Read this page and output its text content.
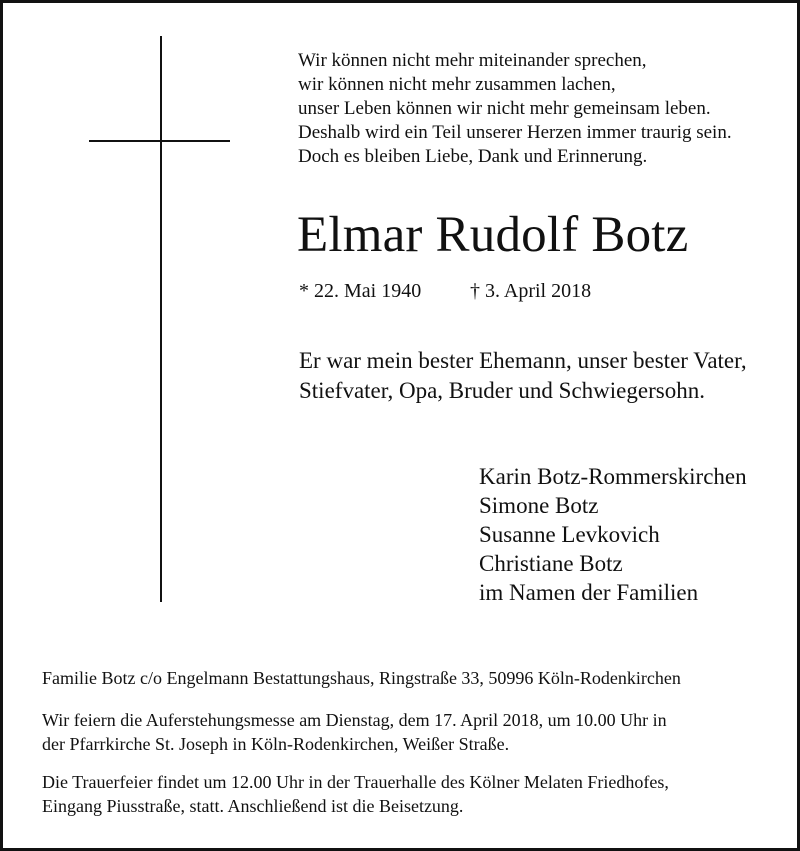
Wir können nicht mehr miteinander sprechen,
wir können nicht mehr zusammen lachen,
unser Leben können wir nicht mehr gemeinsam leben.
Deshalb wird ein Teil unserer Herzen immer traurig sein.
Doch es bleiben Liebe, Dank und Erinnerung.
Elmar Rudolf Botz
* 22. Mai 1940 † 3. April 2018
Er war mein bester Ehemann, unser bester Vater,
Stiefvater, Opa, Bruder und Schwiegersohn.
Karin Botz-Rommerskirchen
Simone Botz
Susanne Levkovich
Christiane Botz
im Namen der Familien
Familie Botz c/o Engelmann Bestattungshaus, Ringstraße 33, 50996 Köln-Rodenkirchen
Wir feiern die Auferstehungsmesse am Dienstag, dem 17. April 2018, um 10.00 Uhr in
der Pfarrkirche St. Joseph in Köln-Rodenkirchen, Weißer Straße.
Die Trauerfeier findet um 12.00 Uhr in der Trauerhalle des Kölner Melaten Friedhofes,
Eingang Piusstraße, statt. Anschließend ist die Beisetzung.
